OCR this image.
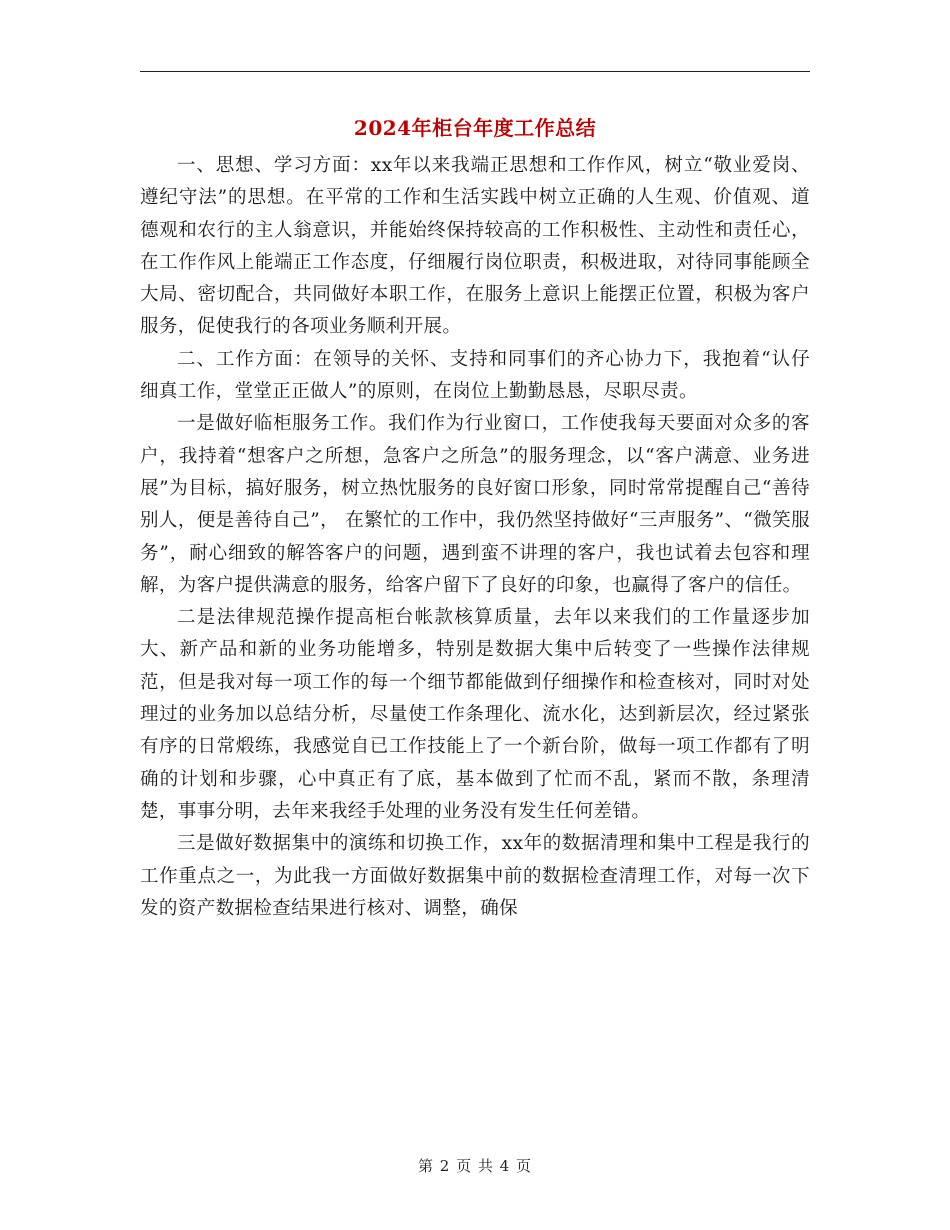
2024年柜台年度工作总结

一、思想、学习方面：xx年以来我端正思想和工作作风，树立“敬业爱岗、遵纪守法”的思想。在平常的工作和生活实践中树立正确的人生观、价值观、道德观和农行的主人翁意识，并能始终保持较高的工作积极性、主动性和责任心，在工作作风上能端正工作态度，仔细履行岗位职责，积极进取，对待同事能顾全大局、密切配合，共同做好本职工作，在服务上意识上能摆正位置，积极为客户服务，促使我行的各项业务顺利开展。

二、工作方面：在领导的关怀、支持和同事们的齐心协力下，我抱着“认仔细真工作，堂堂正正做人”的原则，在岗位上勤勤恳恳，尽职尽责。

一是做好临柜服务工作。我们作为行业窗口，工作使我每天要面对众多的客户，我持着“想客户之所想，急客户之所急”的服务理念，以“客户满意、业务进展”为目标，搞好服务，树立热忱服务的良好窗口形象，同时常常提醒自己“善待别人，便是善待自己”， 在繁忙的工作中，我仍然坚持做好“三声服务”、“微笑服务”，耐心细致的解答客户的问题，遇到蛮不讲理的客户，我也试着去包容和理解，为客户提供满意的服务，给客户留下了良好的印象，也赢得了客户的信任。

二是法律规范操作提高柜台帐款核算质量，去年以来我们的工作量逐步加大、新产品和新的业务功能增多，特别是数据大集中后转变了一些操作法律规范，但是我对每一项工作的每一个细节都能做到仔细操作和检查核对，同时对处理过的业务加以总结分析，尽量使工作条理化、流水化，达到新层次，经过紧张有序的日常煅练，我感觉自已工作技能上了一个新台阶，做每一项工作都有了明确的计划和步骤，心中真正有了底，基本做到了忙而不乱，紧而不散，条理清楚，事事分明，去年来我经手处理的业务没有发生任何差错。

三是做好数据集中的演练和切换工作，xx年的数据清理和集中工程是我行的工作重点之一，为此我一方面做好数据集中前的数据检查清理工作，对每一次下发的资产数据检查结果进行核对、调整，确保

第 2 页 共 4 页
